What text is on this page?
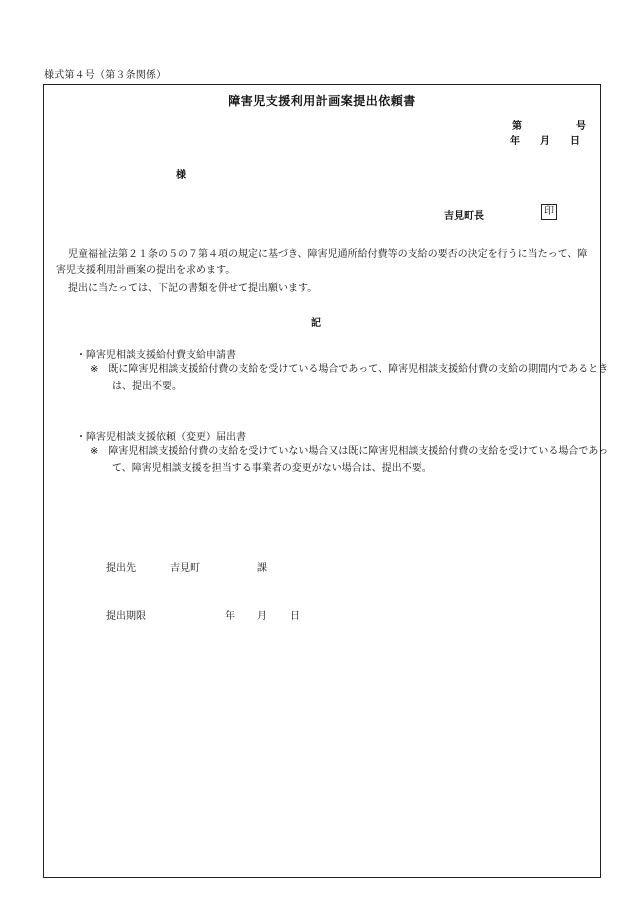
様式第４号（第３条関係）
障害児支援利用計画案提出依頼書
第	号
年 月 日
様
吉見町長	印
児童福祉法第２１条の５の７第４項の規定に基づき、障害児通所給付費等の支給の要否の決定を行うに当たって、障害児支援利用計画案の提出を求めます。
提出に当たっては、下記の書類を併せて提出願います。
記
・障害児相談支援給付費支給申請書
※　既に障害児相談支援給付費の支給を受けている場合であって、障害児相談支援給付費の支給の期間内であるときは、提出不要。
・障害児相談支援依頼（変更）届出書
※　障害児相談支援給付費の支給を受けていない場合又は既に障害児相談支援給付費の支給を受けている場合であって、障害児相談支援を担当する事業者の変更がない場合は、提出不要。
提出先	吉見町	課
提出期限	年 月 日
